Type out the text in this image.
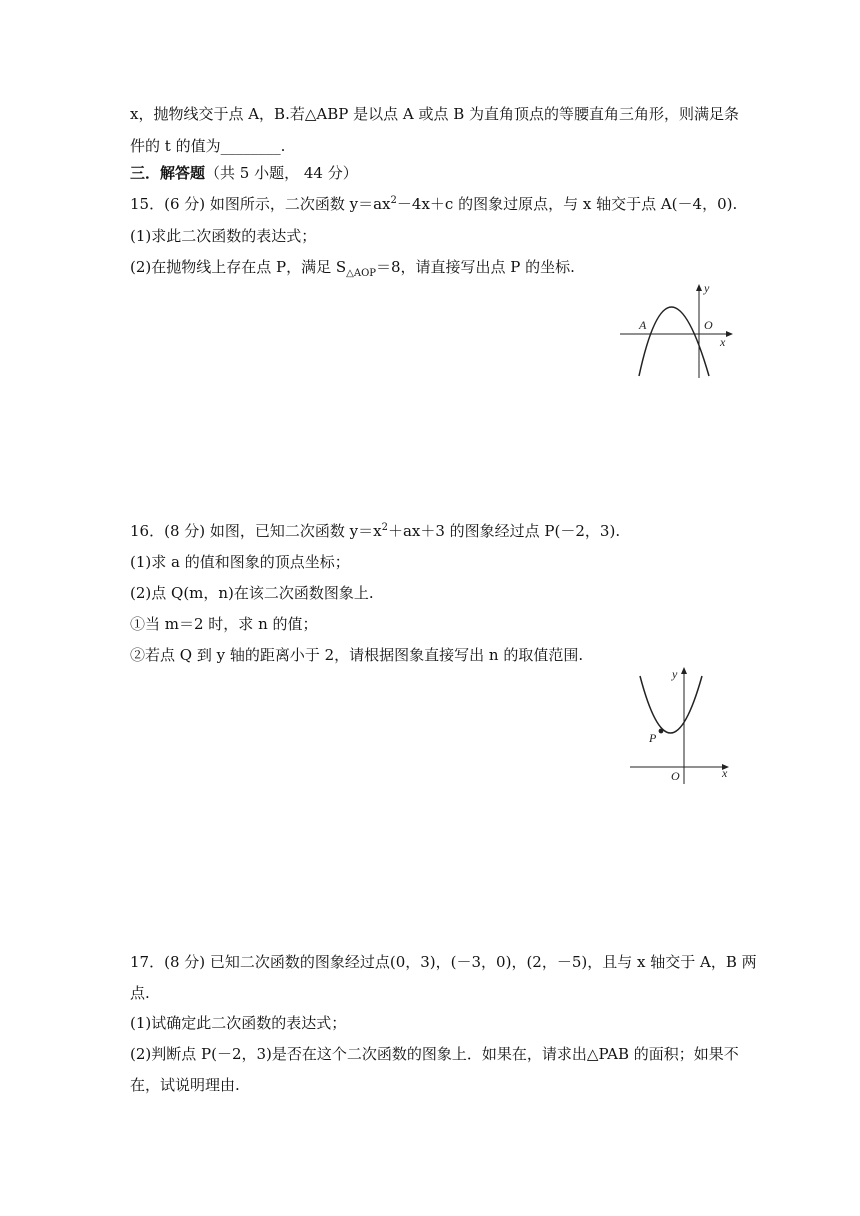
x，抛物线交于点 A，B.若△ABP 是以点 A 或点 B 为直角顶点的等腰直角三角形，则满足条
件的 t 的值为________.
三．解答题（共 5 小题， 44 分）
15．(6 分) 如图所示，二次函数 $y=ax^2-4x+c$ 的图象过原点，与 x 轴交于点 A(－4，0).
(1)求此二次函数的表达式；
(2)在抛物线上存在点 P，满足 $S_{\triangle AOP}=8$，请直接写出点 P 的坐标.
y
x
A	O
16．(8 分) 如图，已知二次函数 $y=x^2+ax+3$ 的图象经过点 P(－2，3).
(1)求 a 的值和图象的顶点坐标；
(2)点 Q(m，n)在该二次函数图象上.
①当 m＝2 时，求 n 的值；
②若点 Q 到 y 轴的距离小于 2，请根据图象直接写出 n 的取值范围.
y
x
P
O
17．(8 分) 已知二次函数的图象经过点(0，3)，(－3，0)，(2，－5)，且与 x 轴交于 A，B 两
点.
(1)试确定此二次函数的表达式；
(2)判断点 P(－2，3)是否在这个二次函数的图象上．如果在，请求出△PAB 的面积；如果不
在，试说明理由.
